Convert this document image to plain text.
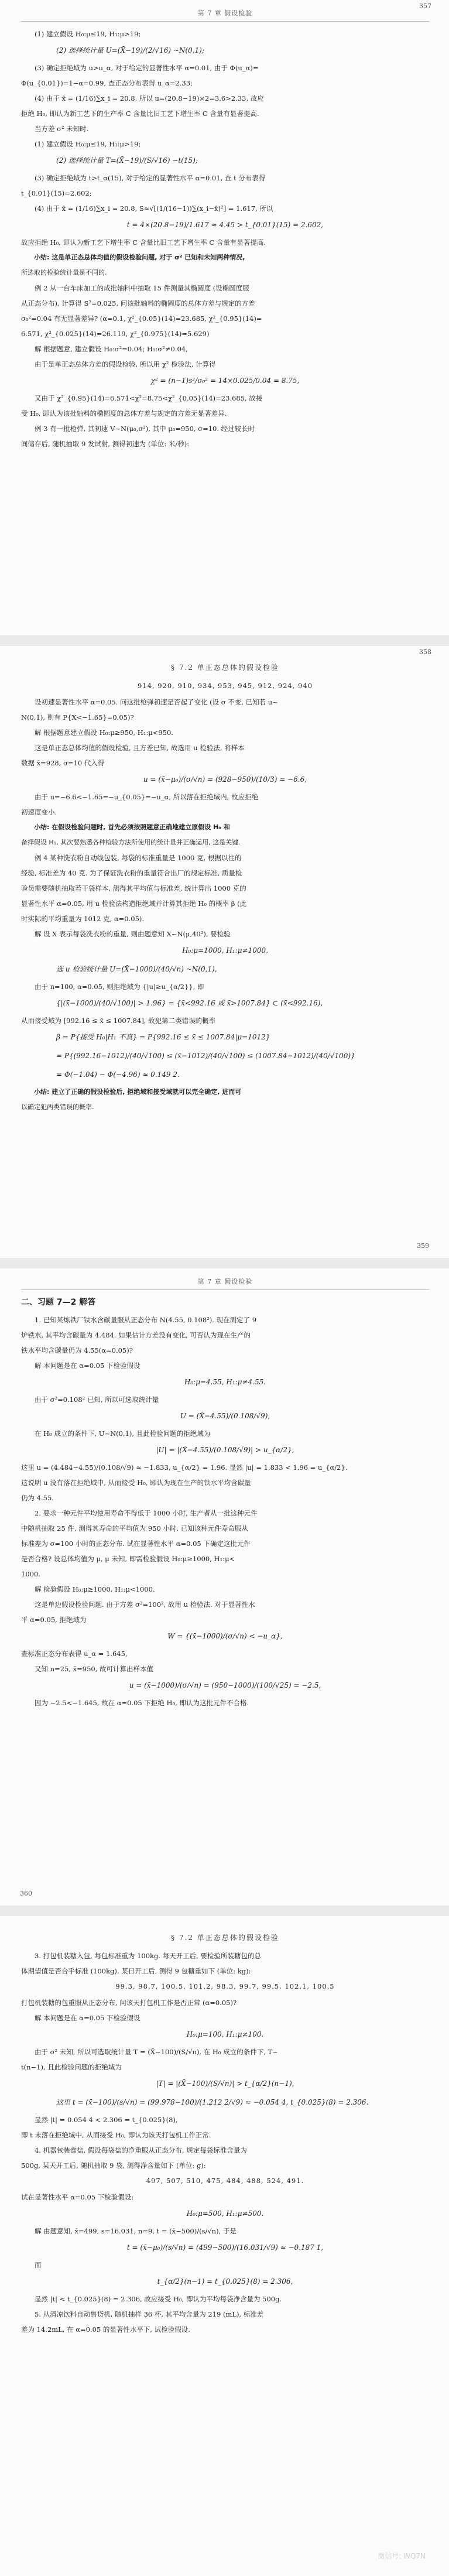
357
第 7 章 假设检验

(1) 建立假设 H₀:μ≤19, H₁:μ>19;

(2) 选择统计量 U=(X̄−19)/(2/√16) ~N(0,1);

(3) 确定拒绝域为 u>u_α, 对于给定的显著性水平 α=0.01, 由于 Φ(u_α)=

Φ(u_{0.01})=1−α=0.99, 查正态分布表得 u_α=2.33;

(4) 由于 x̄ = (1/16)∑x_i = 20.8, 所以 u=(20.8−19)×2=3.6>2.33, 故应

拒绝 H₀, 即认为新工艺下的生产率 C 含量比旧工艺下增生率 C 含量有显著提高.

当方差 σ² 未知时.

(1) 建立假设 H₀:μ≤19, H₁:μ>19;

(2) 选择统计量 T=(X̄−19)/(S/√16) ~t(15);

(3) 确定拒绝域为 t>t_α(15), 对于给定的显著性水平 α=0.01, 查 t 分布表得

t_{0.01}(15)=2.602;

(4) 由于 x̄ = (1/16)∑x_i = 20.8, S≈√[(1/(16−1))∑(x_i−x̄)²] = 1.617, 所以

t = 4×(20.8−19)/1.617 ≈ 4.45 > t_{0.01}(15) = 2.602,

故应拒绝 H₀, 即认为新工艺下增生率 C 含量比旧工艺下增生率 C 含量有显著提高.

小结: 这是单正态总体均值的假设检验问题, 对于 σ² 已知和未知两种情况,

所选取的检验统计量是不同的.

例 2 从一台车床加工的成批轴料中抽取 15 件测量其椭圆度 (设椭圆度服

从正态分布), 计算得 S²=0.025, 问该批轴料的椭圆度的总体方差与规定的方差

σ₀²=0.04 有无显著差异? (α=0.1, χ²_{0.05}(14)=23.685, χ²_{0.95}(14)=

6.571, χ²_{0.025}(14)=26.119, χ²_{0.975}(14)=5.629)

解 根据题意, 建立假设 H₀:σ²=0.04; H₁:σ²≠0.04,

由于是单正态总体方差的假设检验, 所以用 χ² 检验法, 计算得

χ² = (n−1)s²/σ₀² = 14×0.025/0.04 = 8.75,

又由于 χ²_{0.95}(14)=6.571<χ²=8.75<χ²_{0.05}(14)=23.685, 故接

受 H₀, 即认为该批轴料的椭圆度的总体方差与规定的方差无显著差异.

例 3 有一批枪弹, 其初速 V~N(μ₀,σ²), 其中 μ₀=950, σ=10. 经过较长时

间储存后, 随机抽取 9 发试射, 测得初速为 (单位: 米/秒):

358
§ 7.2 单正态总体的假设检验
914, 920, 910, 934, 953, 945, 912, 924, 940

设初速显著性水平 α=0.05. 问这批枪弹初速是否起了变化 (设 σ 不变, 已知若 u~

N(0,1), 则有 P{X<−1.65}=0.05)?

解 根据题意建立假设 H₀:μ≥950, H₁:μ<950.

这是单正态总体均值的假设检验, 且方差已知, 故选用 u 检验法, 将样本

数据 x̄=928, σ=10 代入得

u = (x̄−μ₀)/(σ/√n) = (928−950)/(10/3) = −6.6,

由于 u=−6.6<−1.65=−u_{0.05}=−u_α, 所以落在拒绝域内, 故应拒绝

初速度变小.

小结: 在假设检验问题时, 首先必须按照题意正确地建立原假设 H₀ 和

备择假设 H₁, 其次要熟悉各种检验方法所使用的统计量并正确运用, 这是关键.

例 4 某种洗衣粉自动线包装, 每袋的标准重量是 1000 克, 根据以往的

经验, 标准差为 40 克. 为了保证洗衣粉的重量符合出厂的规定标准, 质量检

验员需要随机抽取若干袋样本, 测得其平均值与标准差, 统计算出 1000 克的

显著性水平 α=0.05, 用 u 检验法构造拒绝域并计算其拒绝 H₀ 的概率 β (此

时实际的平均重量为 1012 克, α=0.05).

解 设 X 表示每袋洗衣粉的重量, 则由题意知 X~N(μ,40²), 要检验

H₀:μ=1000, H₁:μ≠1000,

选 u 检验统计量 U=(X̄−1000)/(40/√n) ~N(0,1),

由于 n=100, α=0.05, 则拒绝域为 {|u|≥u_{α/2}}, 即

{|(x̄−1000)/(40/√100)| > 1.96} = {x̄<992.16 或 x̄>1007.84} ⊂ (x̄<992.16),

从而接受域为 [992.16 ≤ x̄ ≤ 1007.84], 故犯第二类错误的概率

β = P{接受 H₀|H₁ 不真} = P{992.16 ≤ x̄ ≤ 1007.84|μ=1012}

= P{(992.16−1012)/(40/√100) ≤ (x̄−1012)/(40/√100) ≤ (1007.84−1012)/(40/√100)}

= Φ(−1.04) − Φ(−4.96) ≈ 0.149 2.

小结: 建立了正确的假设检验后, 拒绝域和接受域就可以完全确定, 进而可

以确定犯两类错误的概率.

359
第 7 章 假设检验
二、习题 7—2 解答

1. 已知某炼铁厂铁水含碳量服从正态分布 N(4.55, 0.108²). 现在测定了 9

炉铁水, 其平均含碳量为 4.484. 如果估计方差没有变化, 可否认为现在生产的

铁水平均含碳量仍为 4.55(α=0.05)?

解 本问题是在 α=0.05 下检验假设

H₀:μ=4.55, H₁:μ≠4.55.

由于 σ²=0.108² 已知, 所以可选取统计量

U = (X̄−4.55)/(0.108/√9),

在 H₀ 成立的条件下, U~N(0,1), 且此检验问题的拒绝域为

|U| = |(X̄−4.55)/(0.108/√9)| > u_{α/2},

这里 u = (4.484−4.55)/(0.108/√9) ≈ −1.833, u_{α/2} = 1.96. 显然 |u| = 1.833 < 1.96 = u_{α/2}.

这说明 u 没有落在拒绝域中, 从而接受 H₀, 即认为现在生产的铁水平均含碳量

仍为 4.55.

2. 要求一种元件平均使用寿命不得低于 1000 小时, 生产者从一批这种元件

中随机抽取 25 件, 测得其寿命的平均值为 950 小时. 已知该种元件寿命服从

标准差为 σ=100 小时的正态分布. 试在显著性水平 α=0.05 下确定这批元件

是否合格? 设总体均值为 μ, μ 未知, 即需检验假设 H₀:μ≥1000, H₁:μ<

1000.

解 检验假设 H₀:μ≥1000, H₁:μ<1000.

这是单边假设检验问题. 由于方差 σ²=100², 故用 u 检验法. 对于显著性水

平 α=0.05, 拒绝域为

W = {(x̄−1000)/(σ/√n) < −u_α},

查标准正态分布表得 u_α = 1.645,

又知 n=25, x̄=950, 故可计算出样本值

u = (x̄−1000)/(σ/√n) = (950−1000)/(100/√25) = −2.5,

因为 −2.5<−1.645, 故在 α=0.05 下拒绝 H₀, 即认为这批元件不合格.

360
§ 7.2 单正态总体的假设检验

3. 打包机装糖入包, 每包标准重为 100kg. 每天开工后, 要检验所装糖包的总

体期望值是否合乎标准 (100kg). 某日开工后, 测得 9 包糖重如下 (单位: kg):

99.3, 98.7, 100.5, 101.2, 98.3, 99.7, 99.5, 102.1, 100.5

打包机装糖的包重服从正态分布, 问该天打包机工作是否正常 (α=0.05)?

解 本问题是在 α=0.05 下检验假设

H₀:μ=100, H₁:μ≠100.

由于 σ² 未知, 所以可选取统计量 T = (X̄−100)/(S/√n), 在 H₀ 成立的条件下, T~

t(n−1), 且此检验问题的拒绝域为

|T| = |(X̄−100)/(S/√n)| > t_{α/2}(n−1),

这里 t = (x̄−100)/(s/√n) = (99.978−100)/(1.212 2/√9) ≈ −0.054 4, t_{0.025}(8) = 2.306.

显然 |t| = 0.054 4 < 2.306 = t_{0.025}(8),

即 t 未落在拒绝域中, 从而接受 H₀, 即认为该天打包机工作正常.

4. 机器包装食盐, 假设每袋盐的净重服从正态分布, 规定每袋标准含量为

500g, 某天开工后, 随机抽取 9 袋, 测得净含量如下 (单位: g):

497, 507, 510, 475, 484, 488, 524, 491.

试在显著性水平 α=0.05 下检验假设:

H₀:μ=500, H₁:μ≠500.

解 由题意知, x̄=499, s=16.031, n=9, t = (x̄−500)/(s/√n), 于是

t = (x̄−μ₀)/(s/√n) = (499−500)/(16.031/√9) ≈ −0.187 1,

而

t_{α/2}(n−1) = t_{0.025}(8) = 2.306,

显然 |t| < t_{0.025}(8) = 2.306, 故应接受 H₀, 即认为平均每袋净含量为 500g.

5. 从清凉饮料自动售货机, 随机抽样 36 杯, 其平均含量为 219 (mL), 标准差

差为 14.2mL, 在 α=0.05 的显著性水平下, 试检验假设.

微信号: WQ7N
